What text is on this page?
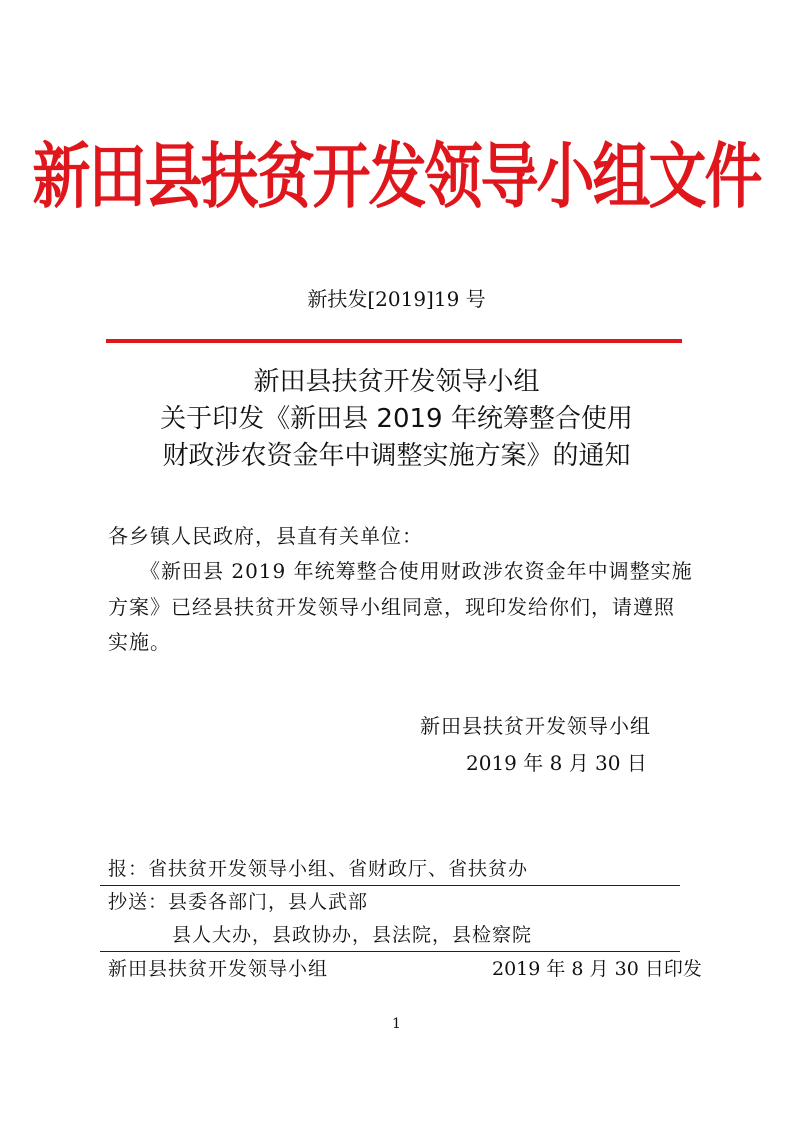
新田县扶贫开发领导小组文件
新扶发[2019]19 号
新田县扶贫开发领导小组
关于印发《新田县 2019 年统筹整合使用
财政涉农资金年中调整实施方案》的通知
各乡镇人民政府，县直有关单位：
　　《新田县 2019 年统筹整合使用财政涉农资金年中调整实施
方案》已经县扶贫开发领导小组同意，现印发给你们，请遵照
实施。
新田县扶贫开发领导小组
2019 年 8 月 30 日
报：省扶贫开发领导小组、省财政厅、省扶贫办
抄送：县委各部门，县人武部
县人大办，县政协办，县法院，县检察院
新田县扶贫开发领导小组	2019 年 8 月 30 日印发
1
